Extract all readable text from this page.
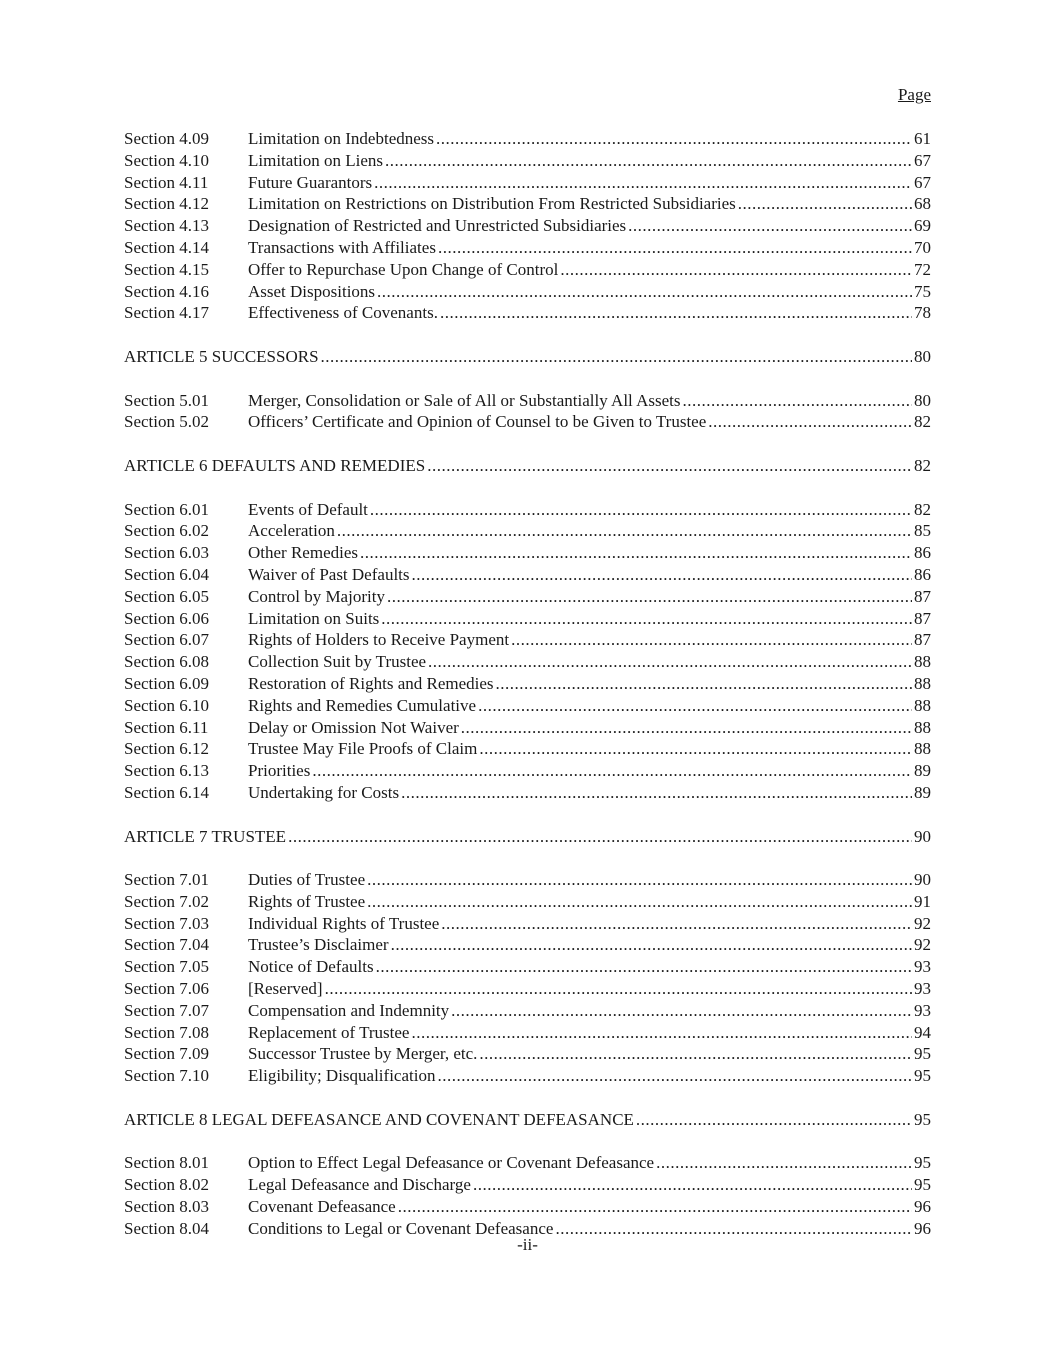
Page
Section 4.09	Limitation on Indebtedness .....	61
Section 4.10	Limitation on Liens .....	67
Section 4.11	Future Guarantors .....	67
Section 4.12	Limitation on Restrictions on Distribution From Restricted Subsidiaries .....	68
Section 4.13	Designation of Restricted and Unrestricted Subsidiaries .....	69
Section 4.14	Transactions with Affiliates .....	70
Section 4.15	Offer to Repurchase Upon Change of Control .....	72
Section 4.16	Asset Dispositions .....	75
Section 4.17	Effectiveness of Covenants. .....	78
ARTICLE 5 SUCCESSORS .....	80
Section 5.01	Merger, Consolidation or Sale of All or Substantially All Assets .....	80
Section 5.02	Officers’ Certificate and Opinion of Counsel to be Given to Trustee .....	82
ARTICLE 6 DEFAULTS AND REMEDIES .....	82
Section 6.01	Events of Default .....	82
Section 6.02	Acceleration .....	85
Section 6.03	Other Remedies .....	86
Section 6.04	Waiver of Past Defaults .....	86
Section 6.05	Control by Majority .....	87
Section 6.06	Limitation on Suits .....	87
Section 6.07	Rights of Holders to Receive Payment .....	87
Section 6.08	Collection Suit by Trustee .....	88
Section 6.09	Restoration of Rights and Remedies .....	88
Section 6.10	Rights and Remedies Cumulative .....	88
Section 6.11	Delay or Omission Not Waiver .....	88
Section 6.12	Trustee May File Proofs of Claim .....	88
Section 6.13	Priorities .....	89
Section 6.14	Undertaking for Costs .....	89
ARTICLE 7 TRUSTEE .....	90
Section 7.01	Duties of Trustee .....	90
Section 7.02	Rights of Trustee .....	91
Section 7.03	Individual Rights of Trustee .....	92
Section 7.04	Trustee’s Disclaimer .....	92
Section 7.05	Notice of Defaults .....	93
Section 7.06	[Reserved] .....	93
Section 7.07	Compensation and Indemnity .....	93
Section 7.08	Replacement of Trustee .....	94
Section 7.09	Successor Trustee by Merger, etc. .....	95
Section 7.10	Eligibility; Disqualification .....	95
ARTICLE 8 LEGAL DEFEASANCE AND COVENANT DEFEASANCE .....	95
Section 8.01	Option to Effect Legal Defeasance or Covenant Defeasance .....	95
Section 8.02	Legal Defeasance and Discharge .....	95
Section 8.03	Covenant Defeasance .....	96
Section 8.04	Conditions to Legal or Covenant Defeasance .....	96
-ii-
